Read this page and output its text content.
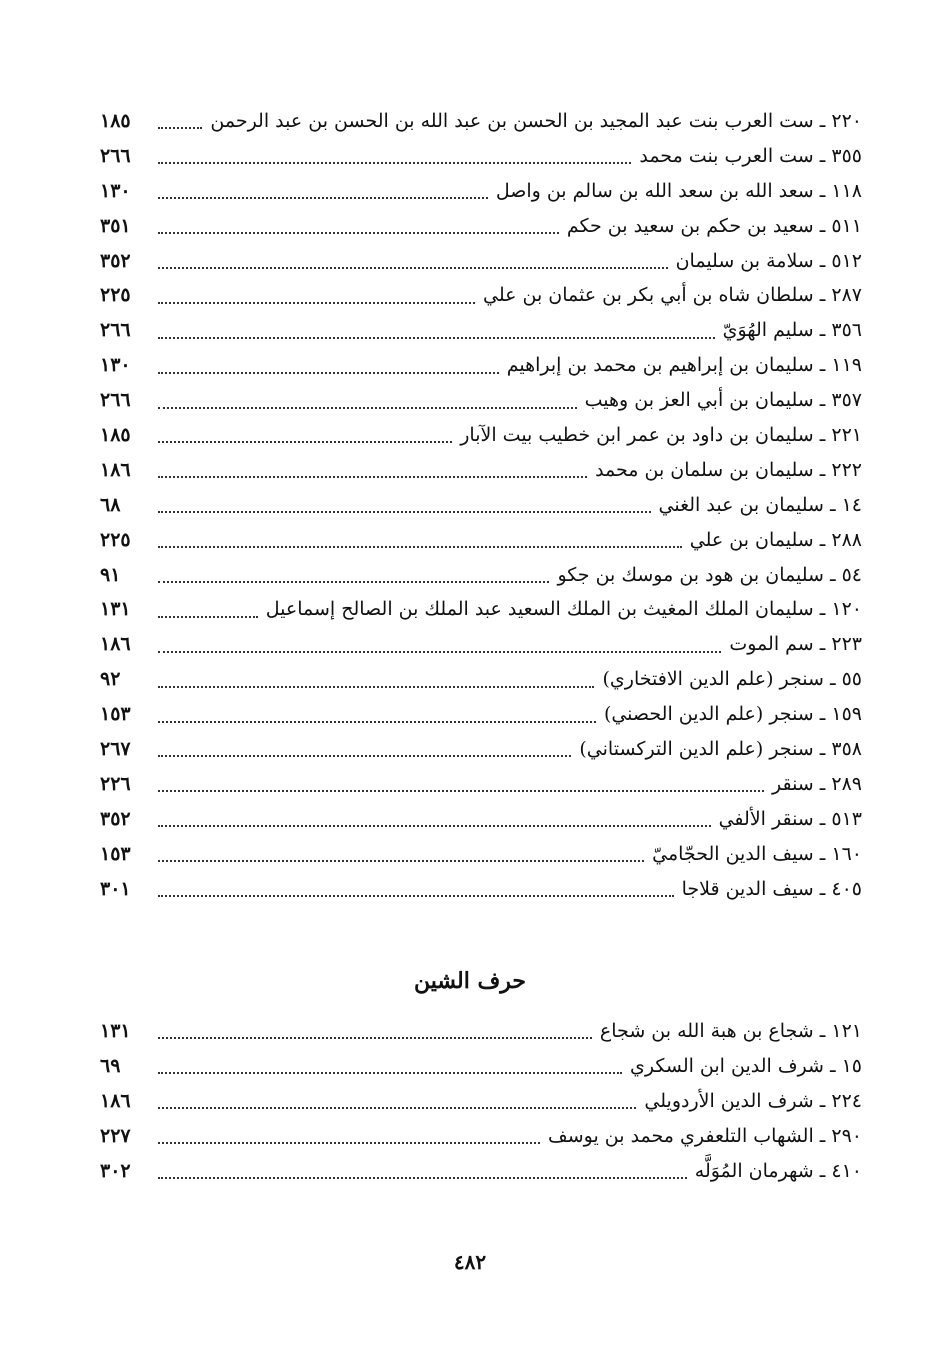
٢٢٠ ـ ست العرب بنت عبد المجيد بن الحسن بن عبد الله بن الحسن بن عبد الرحمن
١٨٥
٣٥٥ ـ ست العرب بنت محمد
٢٦٦
١١٨ ـ سعد الله بن سعد الله بن سالم بن واصل
١٣٠
٥١١ ـ سعيد بن حكم بن سعيد بن حكم
٣٥١
٥١٢ ـ سلامة بن سليمان
٣٥٢
٢٨٧ ـ سلطان شاه بن أبي بكر بن عثمان بن علي
٢٢٥
٣٥٦ ـ سليم الهُوَيّ
٢٦٦
١١٩ ـ سليمان بن إبراهيم بن محمد بن إبراهيم
١٣٠
٣٥٧ ـ سليمان بن أبي العز بن وهيب
٢٦٦
٢٢١ ـ سليمان بن داود بن عمر ابن خطيب بيت الآبار
١٨٥
٢٢٢ ـ سليمان بن سلمان بن محمد
١٨٦
١٤ ـ سليمان بن عبد الغني
٦٨
٢٨٨ ـ سليمان بن علي
٢٢٥
٥٤ ـ سليمان بن هود بن موسك بن جكو
٩١
١٢٠ ـ سليمان الملك المغيث بن الملك السعيد عبد الملك بن الصالح إسماعيل
١٣١
٢٢٣ ـ سم الموت
١٨٦
٥٥ ـ سنجر (علم الدين الافتخاري)
٩٢
١٥٩ ـ سنجر (علم الدين الحصني)
١٥٣
٣٥٨ ـ سنجر (علم الدين التركستاني)
٢٦٧
٢٨٩ ـ سنقر
٢٢٦
٥١٣ ـ سنقر الألفي
٣٥٢
١٦٠ ـ سيف الدين الحجّاميّ
١٥٣
٤٠٥ ـ سيف الدين قلاجا
٣٠١
حرف الشين
١٢١ ـ شجاع بن هبة الله بن شجاع
١٣١
١٥ ـ شرف الدين ابن السكري
٦٩
٢٢٤ ـ شرف الدين الأردويلي
١٨٦
٢٩٠ ـ الشهاب التلعفري محمد بن يوسف
٢٢٧
٤١٠ ـ شهرمان المُوَلَّه
٣٠٢
٤٨٢
